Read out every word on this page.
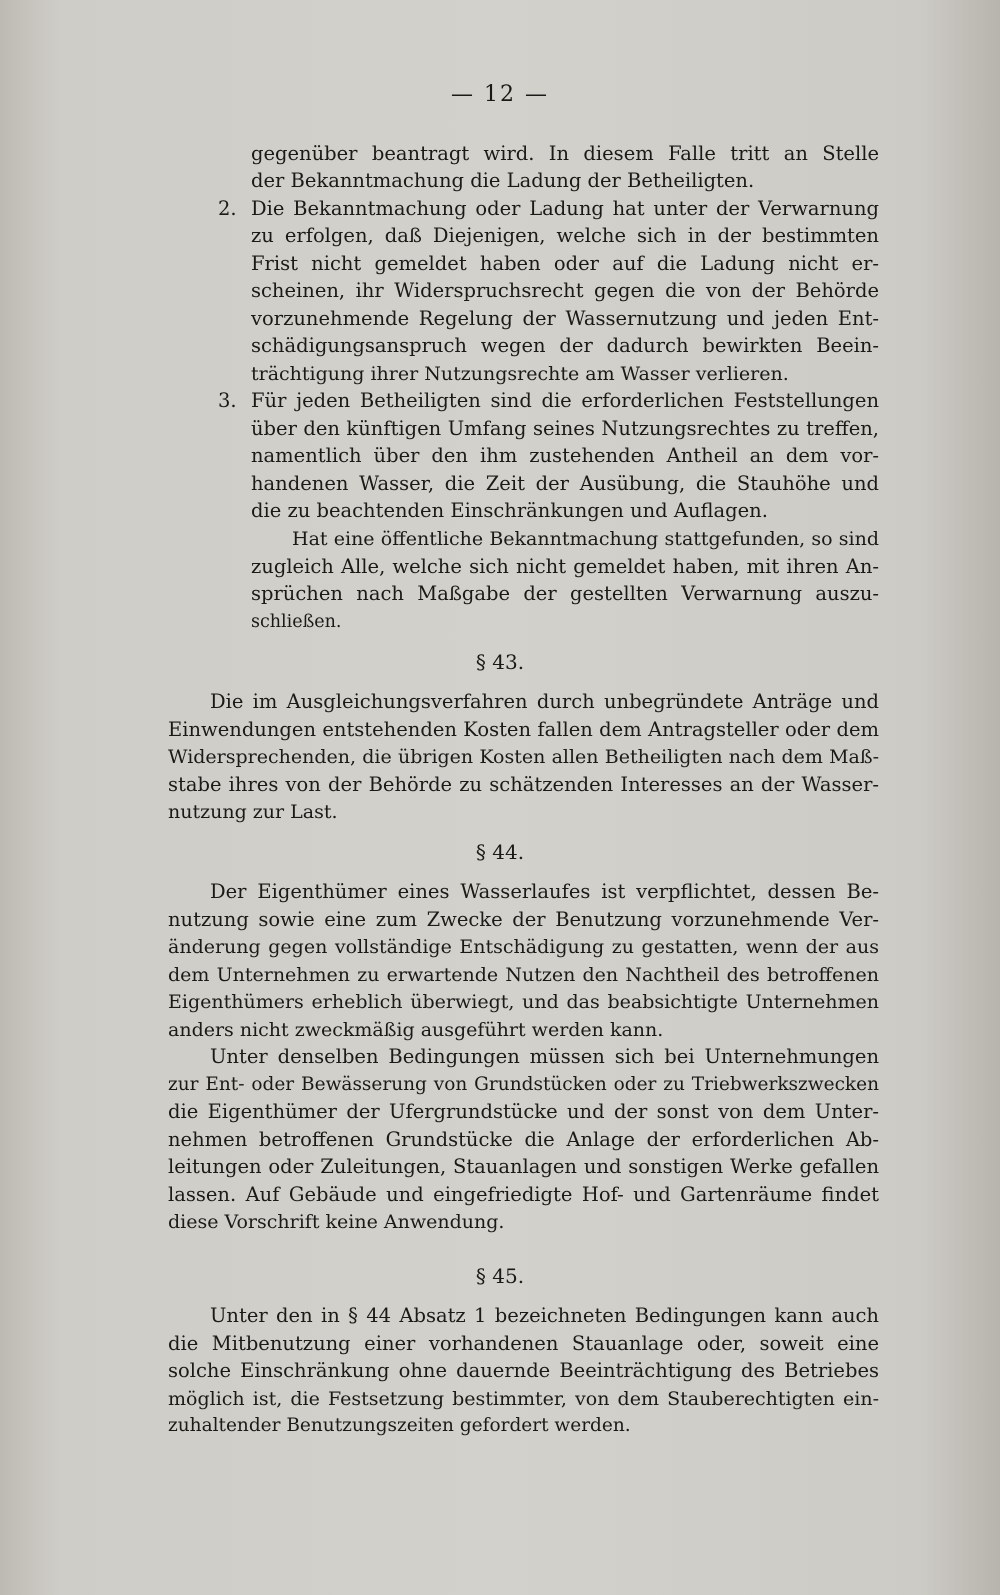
— 12 —
gegenüber beantragt wird. In diesem Falle tritt an Stelle
der Bekanntmachung die Ladung der Betheiligten.
2. Die Bekanntmachung oder Ladung hat unter der Verwarnung
zu erfolgen, daß Diejenigen, welche sich in der bestimmten
Frist nicht gemeldet haben oder auf die Ladung nicht er-
scheinen, ihr Widerspruchsrecht gegen die von der Behörde
vorzunehmende Regelung der Wassernutzung und jeden Ent-
schädigungsanspruch wegen der dadurch bewirkten Beein-
trächtigung ihrer Nutzungsrechte am Wasser verlieren.
3. Für jeden Betheiligten sind die erforderlichen Feststellungen
über den künftigen Umfang seines Nutzungsrechtes zu treffen,
namentlich über den ihm zustehenden Antheil an dem vor-
handenen Wasser, die Zeit der Ausübung, die Stauhöhe und
die zu beachtenden Einschränkungen und Auflagen.
Hat eine öffentliche Bekanntmachung stattgefunden, so sind
zugleich Alle, welche sich nicht gemeldet haben, mit ihren An-
sprüchen nach Maßgabe der gestellten Verwarnung auszu-
schließen.
§ 43.
Die im Ausgleichungsverfahren durch unbegründete Anträge und
Einwendungen entstehenden Kosten fallen dem Antragsteller oder dem
Widersprechenden, die übrigen Kosten allen Betheiligten nach dem Maß-
stabe ihres von der Behörde zu schätzenden Interesses an der Wasser-
nutzung zur Last.
§ 44.
Der Eigenthümer eines Wasserlaufes ist verpflichtet, dessen Be-
nutzung sowie eine zum Zwecke der Benutzung vorzunehmende Ver-
änderung gegen vollständige Entschädigung zu gestatten, wenn der aus
dem Unternehmen zu erwartende Nutzen den Nachtheil des betroffenen
Eigenthümers erheblich überwiegt, und das beabsichtigte Unternehmen
anders nicht zweckmäßig ausgeführt werden kann.
Unter denselben Bedingungen müssen sich bei Unternehmungen
zur Ent- oder Bewässerung von Grundstücken oder zu Triebwerkszwecken
die Eigenthümer der Ufergrundstücke und der sonst von dem Unter-
nehmen betroffenen Grundstücke die Anlage der erforderlichen Ab-
leitungen oder Zuleitungen, Stauanlagen und sonstigen Werke gefallen
lassen. Auf Gebäude und eingefriedigte Hof- und Gartenräume findet
diese Vorschrift keine Anwendung.
§ 45.
Unter den in § 44 Absatz 1 bezeichneten Bedingungen kann auch
die Mitbenutzung einer vorhandenen Stauanlage oder, soweit eine
solche Einschränkung ohne dauernde Beeinträchtigung des Betriebes
möglich ist, die Festsetzung bestimmter, von dem Stauberechtigten ein-
zuhaltender Benutzungszeiten gefordert werden.
